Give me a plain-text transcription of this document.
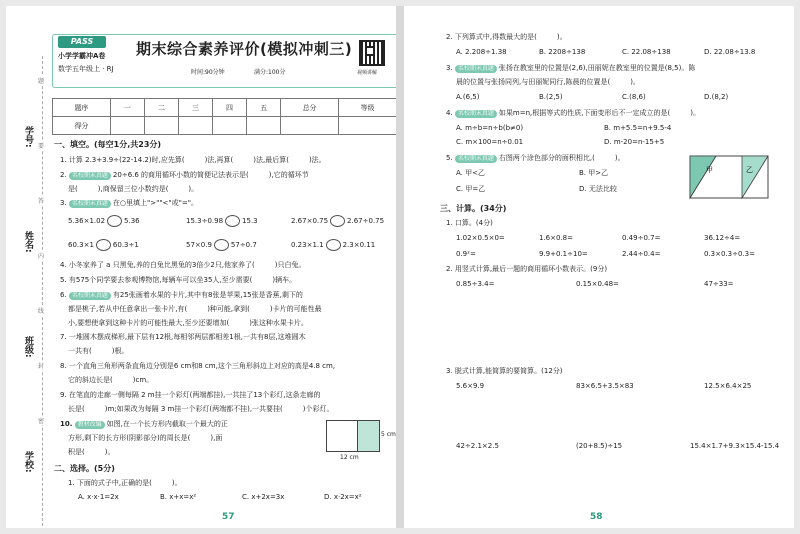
学校:
班级:
姓名:
学号:
题
要
答
内
线
封
密
PASS
小学学霸冲A卷
数学五年级上 · RJ
期末综合素养评价(模拟冲刺三)
时间:90分钟	满分:100分	视频讲解
题序	一	二	三	四	五	总分	等级
得分							
一、填空。(每空1分,共23分)
1. 计算 2.3+3.9÷(22-14.2)时,应先算(	)法,再算(	)法,最后算(	)法。
2. 名校期末真题 20÷6.6 的商用循环小数的简便记法表示是(	),它的循环节
是(	),商保留三位小数约是(	)。
3. 名校期末真题 在○里填上">""<"或"="。
5.36×1.02	5.36	15.3÷0.98	15.3	2.67×0.75	2.67÷0.75
60.3×1	60.3÷1	57×0.9	57÷0.7	0.23×1.1	2.3×0.11
4. 小冬家养了 a 只黑兔,养的白兔比黑兔的3倍少2只,他家养了(	)只白兔。
5. 有575个同学要去参观博物馆,每辆车可以坐35人,至少需要(	)辆车。
6. 名校期末真题 有25张画着水果的卡片,其中有8张是苹果,15张是香蕉,剩下的
都是桃子,若从中任意拿出一张卡片,有(	)种可能,拿到(	)卡片的可能性最
小,要想使拿到这种卡片的可能性最大,至少还要增加(	)张这种水果卡片。
7. 一堆圆木摆成梯形,最下层有12根,每相邻两层都相差1根,一共有8层,这堆圆木
一共有(	)根。
8. 一个直角三角形两条直角边分别是6 cm和8 cm,这个三角形斜边上对应的高是4.8 cm,
它的斜边长是(	)cm。
9. 在笔直的走廊一侧每隔 2 m挂一个彩灯(两端都挂),一共挂了13个彩灯,这条走廊的
长是(	)m;如果改为每隔 3 m挂一个彩灯(两端都不挂),一共要挂(	)个彩灯。
10. 教材改编 如图,在一个长方形内截取一个最大的正
方形,剩下的长方形(阴影部分)的周长是(	),面
积是(	)。
12 cm
5 cm
二、选择。(5分)
1. 下面的式子中,正确的是(	)。
A. x·x·1=2x	B. x+x=x²	C. x+2x=3x	D. x·2x=x²
57
2. 下列算式中,得数最大的是(	)。
A. 2.208÷1.38	B. 2208÷138	C. 22.08÷138	D. 22.08÷13.8
3. 名校期末真题 张扬在教室里的位置是(2,6),田丽妮在教室里的位置是(8,5)。陈
晨的位置与张扬同列,与田丽妮同行,陈晨的位置是(	)。
A.(6,5)	B.(2,5)	C.(8,6)	D.(8,2)
4. 名校期末真题 如果m=n,根据等式的性质,下面变形后不一定成立的是(	)。
A. m÷b=n÷b(b≠0)	B. m+5.5=n+9.5-4
C. m×100=n÷0.01	D. m-20=n-15+5
5. 名校期末真题 右图两个涂色部分的面积相比,(	)。
A. 甲<乙	B. 甲>乙
C. 甲=乙	D. 无法比较
甲	乙
三、计算。(34分)
1. 口算。(4分)
1.02×0.5×0=	1.6×0.8=	0.49÷0.7=	36.12÷4=
0.9²=	9.9+0.1÷10=	2.44÷0.4=	0.3×0.3÷0.3=
2. 用竖式计算,最后一题的商用循环小数表示。(9分)
0.85÷3.4=	0.15×0.48=	47÷33=
3. 脱式计算,能简算的要简算。(12分)
5.6×9.9	83×6.5+3.5×83	12.5×6.4×25
42÷2.1×2.5	(20+8.5)÷15	15.4×1.7+9.3×15.4-15.4
58
